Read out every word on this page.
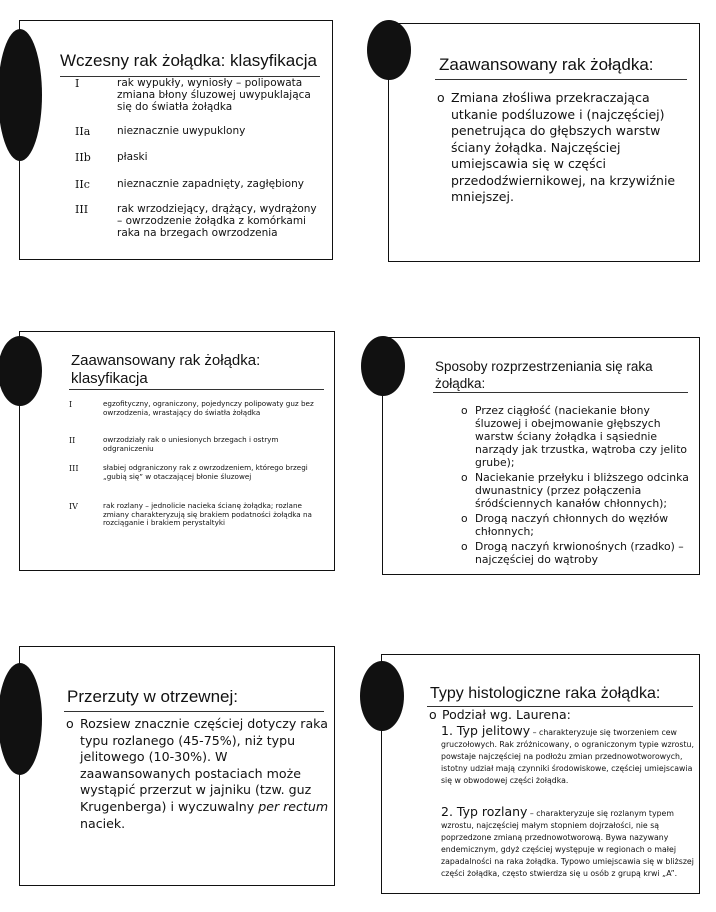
Wczesny rak żołądka: klasyfikacja
I	rak wypukły, wyniosły – polipowata zmiana błony śluzowej uwypuklająca się do światła żołądka
IIa	nieznacznie uwypuklony
IIb	płaski
IIc	nieznacznie zapadnięty, zagłębiony
III	rak wrzodziejący, drążący, wydrążony – owrzodzenie żołądka z komórkami raka na brzegach owrzodzenia
Zaawansowany rak żołądka:
o Zmiana złośliwa przekraczająca utkanie podśluzowe i (najczęściej) penetrująca do głębszych warstw ściany żołądka. Najczęściej umiejscawia się w części przedodźwiernikowej, na krzywiźnie mniejszej.
Zaawansowany rak żołądka: klasyfikacja
I	egzofityczny, ograniczony, pojedynczy polipowaty guz bez owrzodzenia, wrastający do światła żołądka
II	owrzodziały rak o uniesionych brzegach i ostrym odgraniczeniu
III	słabiej odgraniczony rak z owrzodzeniem, którego brzegi „gubią się” w otaczającej błonie śluzowej
IV	rak rozlany – jednolicie naciekа ścianę żołądka; rozlane zmiany charakteryzują się brakiem podatności żołądka na rozciąganie i brakiem perystaltyki
Sposoby rozprzestrzeniania się raka żołądka:
o Przez ciągłość (naciekanie błony śluzowej i obejmowanie głębszych warstw ściany żołądka i sąsiednie narządy jak trzustka, wątroba czy jelito grube);
o Naciekanie przełyku i bliższego odcinka dwunastnicy (przez połączenia śródściennych kanałów chłonnych);
o Drogą naczyń chłonnych do węzłów chłonnych;
o Drogą naczyń krwionośnych (rzadko) – najczęściej do wątroby
Przerzuty w otrzewnej:
o Rozsiew znacznie częściej dotyczy raka typu rozlanego (45-75%), niż typu jelitowego (10-30%). W zaawansowanych postaciach może wystąpić przerzut w jajniku (tzw. guz Krugenberga) i wyczuwalny per rectum naciek.
Typy histologiczne raka żołądka:
o Podział wg. Laurena:
1. Typ jelitowy – charakteryzuje się tworzeniem cew gruczołowych. Rak zróżnicowany, o ograniczonym typie wzrostu, powstaje najczęściej na podłożu zmian przednowotworowych, istotny udział mają czynniki środowiskowe, częściej umiejscawia się w obwodowej części żołądka.
2. Typ rozlany – charakteryzuje się rozlanym typem wzrostu, najczęściej małym stopniem dojrzałości, nie są poprzedzone zmianą przednowotworową. Bywa nazywany endemicznym, gdyż częściej występuje w regionach o małej zapadalności na raka żołądka. Typowo umiejscawia się w bliższej części żołądka, często stwierdza się u osób z grupą krwi „A”.
